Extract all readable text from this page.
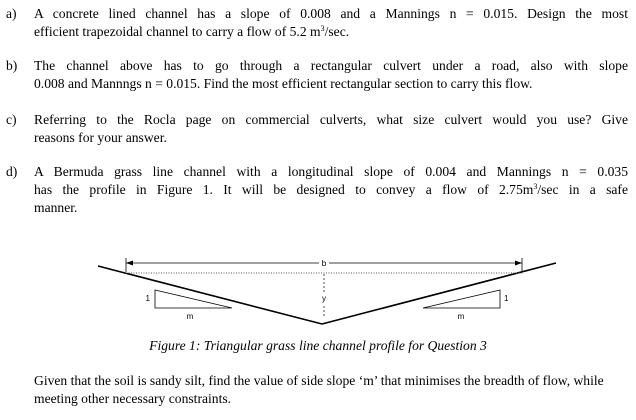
a) A concrete lined channel has a slope of 0.008 and a Mannings n = 0.015. Design the most
efficient trapezoidal channel to carry a flow of 5.2 $m^3/\sec$.
b) The channel above has to go through a rectangular culvert under a road, also with slope
0.008 and Mannngs n = 0.015. Find the most efficient rectangular section to carry this flow.
c) Referring to the Rocla page on commercial culverts, what size culvert would you use? Give
reasons for your answer.
d) A Bermuda grass line channel with a longitudinal slope of 0.004 and Mannings n = 0.035
has the profile in Figure 1. It will be designed to convey a flow of $2.75m^3/\sec$ in a safe
manner.
b
y
1	1
m	m
Figure 1: Triangular grass line channel profile for Question 3
Given that the soil is sandy silt, find the value of side slope ‘m’ that minimises the breadth of flow, while meeting other necessary constraints.
